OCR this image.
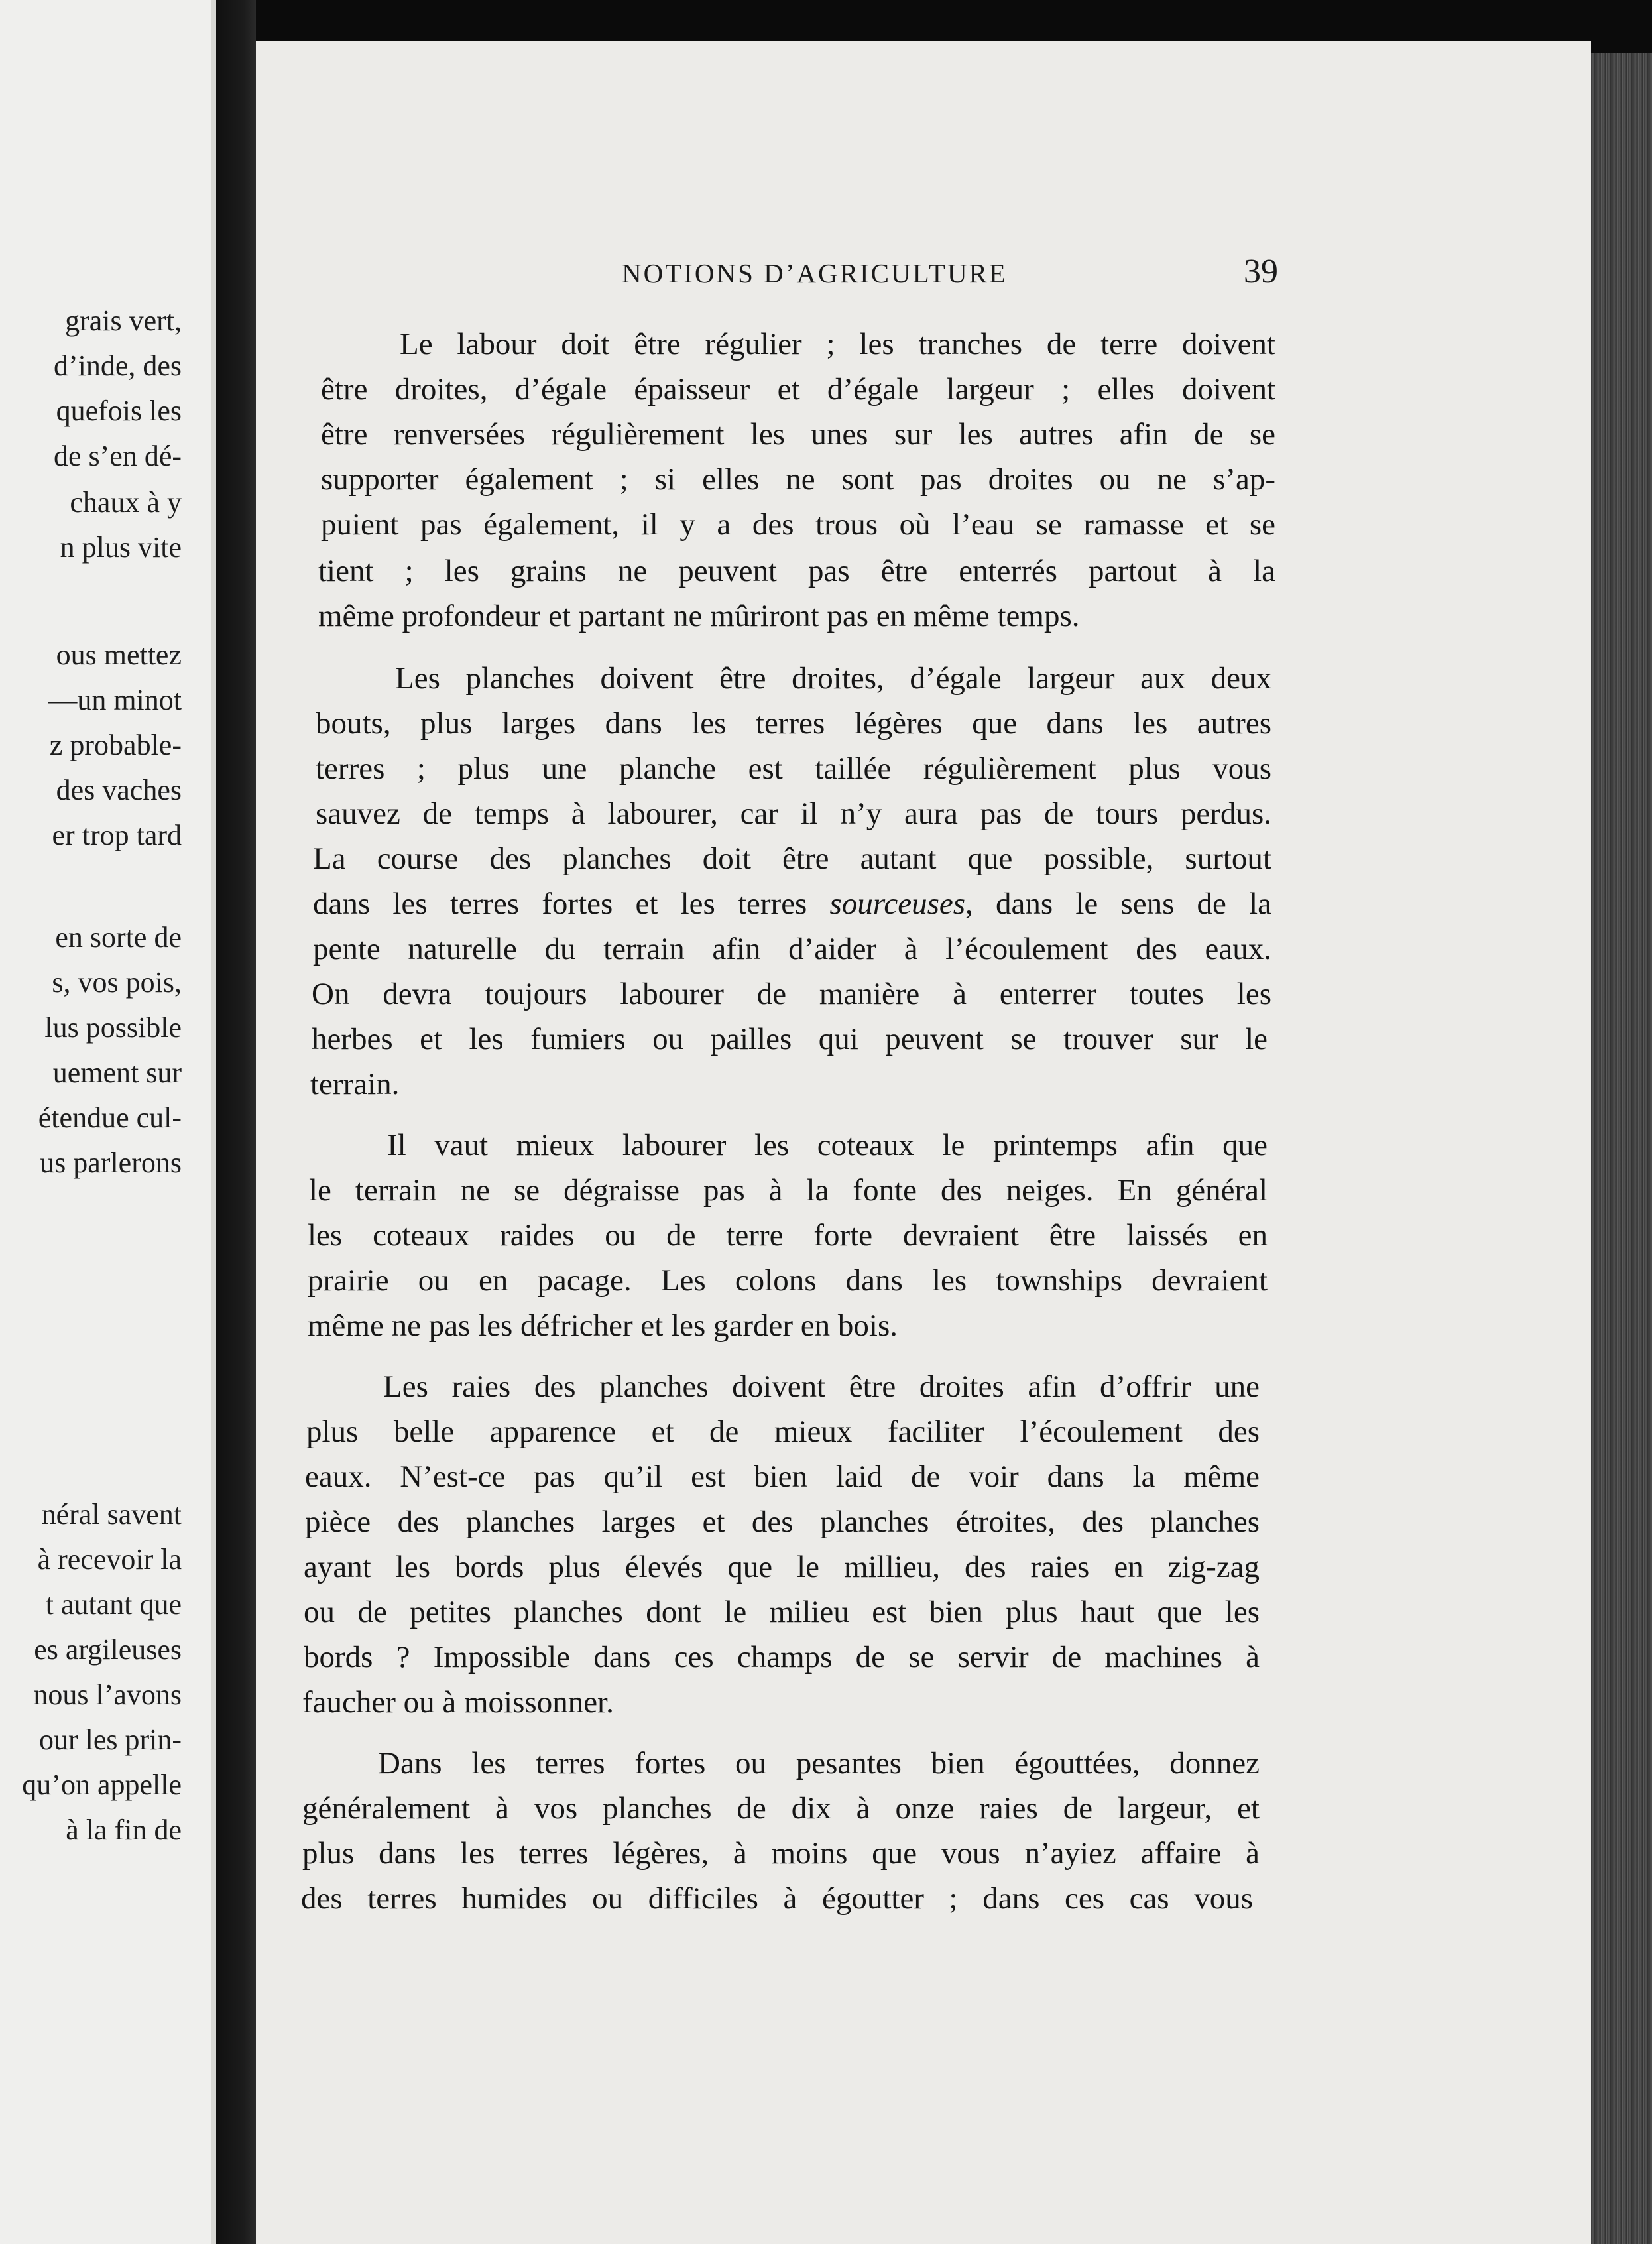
grais vert,
d’inde, des
quefois les
de s’en dé-
chaux à y
n plus vite
ous mettez
—un minot
z probable-
des vaches
er trop tard
en sorte de
s, vos pois,
lus possible
uement sur
étendue cul-
us parlerons
néral savent
à recevoir la
t autant que
es argileuses
nous l’avons
our les prin-
qu’on appelle
à la fin de
NOTIONS D’AGRICULTURE	39
Le labour doit être régulier ; les tranches de terre doivent
être droites, d’égale épaisseur et d’égale largeur ; elles doivent
être renversées régulièrement les unes sur les autres afin de se
supporter également ; si elles ne sont pas droites ou ne s’ap-
puient pas également, il y a des trous où l’eau se ramasse et se
tient ; les grains ne peuvent pas être enterrés partout à la
même profondeur et partant ne mûriront pas en même temps.
Les planches doivent être droites, d’égale largeur aux deux
bouts, plus larges dans les terres légères que dans les autres
terres ; plus une planche est taillée régulièrement plus vous
sauvez de temps à labourer, car il n’y aura pas de tours perdus.
La course des planches doit être autant que possible, surtout
dans les terres fortes et les terres sourceuses, dans le sens de la
pente naturelle du terrain afin d’aider à l’écoulement des eaux.
On devra toujours labourer de manière à enterrer toutes les
herbes et les fumiers ou pailles qui peuvent se trouver sur le
terrain.
Il vaut mieux labourer les coteaux le printemps afin que
le terrain ne se dégraisse pas à la fonte des neiges. En général
les coteaux raides ou de terre forte devraient être laissés en
prairie ou en pacage. Les colons dans les townships devraient
même ne pas les défricher et les garder en bois.
Les raies des planches doivent être droites afin d’offrir une
plus belle apparence et de mieux faciliter l’écoulement des
eaux. N’est-ce pas qu’il est bien laid de voir dans la même
pièce des planches larges et des planches étroites, des planches
ayant les bords plus élevés que le millieu, des raies en zig-zag
ou de petites planches dont le milieu est bien plus haut que les
bords ? Impossible dans ces champs de se servir de machines à
faucher ou à moissonner.
Dans les terres fortes ou pesantes bien égouttées, donnez
généralement à vos planches de dix à onze raies de largeur, et
plus dans les terres légères, à moins que vous n’ayiez affaire à
des terres humides ou difficiles à égoutter ; dans ces cas vous
